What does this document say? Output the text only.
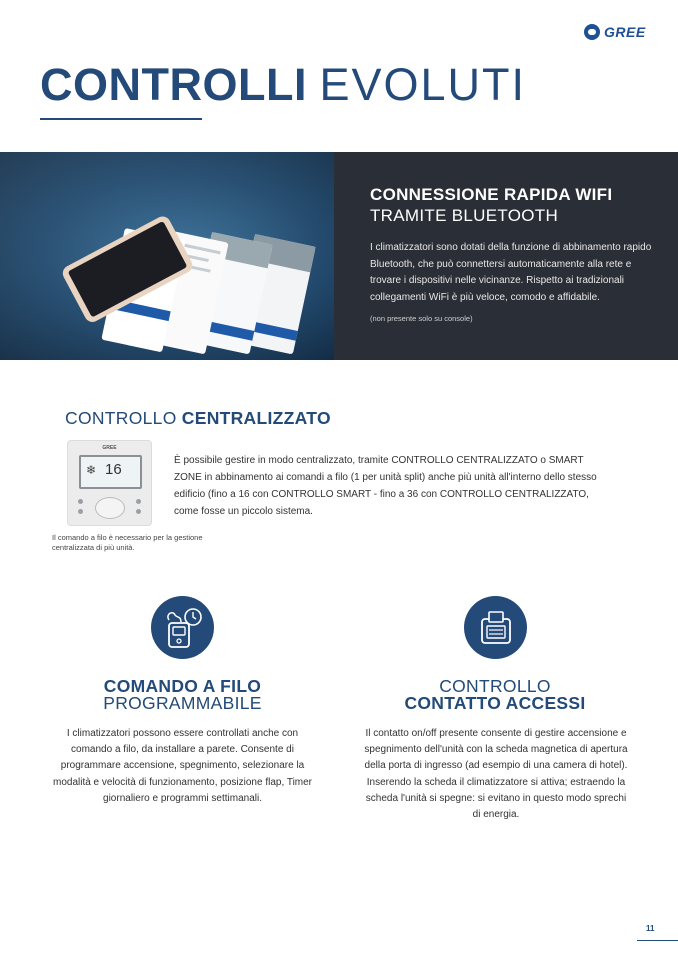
GREE
CONTROLLI EVOLUTI
CONNESSIONE RAPIDA WIFI
TRAMITE BLUETOOTH

I climatizzatori sono dotati della funzione di abbinamento rapido Bluetooth, che può connettersi automaticamente alla rete e trovare i dispositivi nelle vicinanze. Rispetto ai tradizionali collegamenti WiFi è più veloce, comodo e affidabile.

(non presente solo su console)

CONTROLLO CENTRALIZZATO
GREE
❄ 16

Il comando a filo è necessario per la gestione centralizzata di più unità.

È possibile gestire in modo centralizzato, tramite CONTROLLO CENTRALIZZATO o SMART ZONE in abbinamento ai comandi a filo (1 per unità split) anche più unità all'interno dello stesso edificio (fino a 16 con CONTROLLO SMART - fino a 36 con CONTROLLO CENTRALIZZATO, come fosse un piccolo sistema.

COMANDO A FILO
PROGRAMMABILE

I climatizzatori possono essere controllati anche con comando a filo, da installare a parete. Consente di programmare accensione, spegnimento, selezionare la modalità e velocità di funzionamento, posizione flap, Timer giornaliero e programmi settimanali.

CONTROLLO
CONTATTO ACCESSI

Il contatto on/off presente consente di gestire accensione e spegnimento dell'unità con la scheda magnetica di apertura della porta di ingresso (ad esempio di una camera di hotel). Inserendo la scheda il climatizzatore si attiva; estraendo la scheda l'unità si spegne: si evitano in questo modo sprechi di energia.

11
